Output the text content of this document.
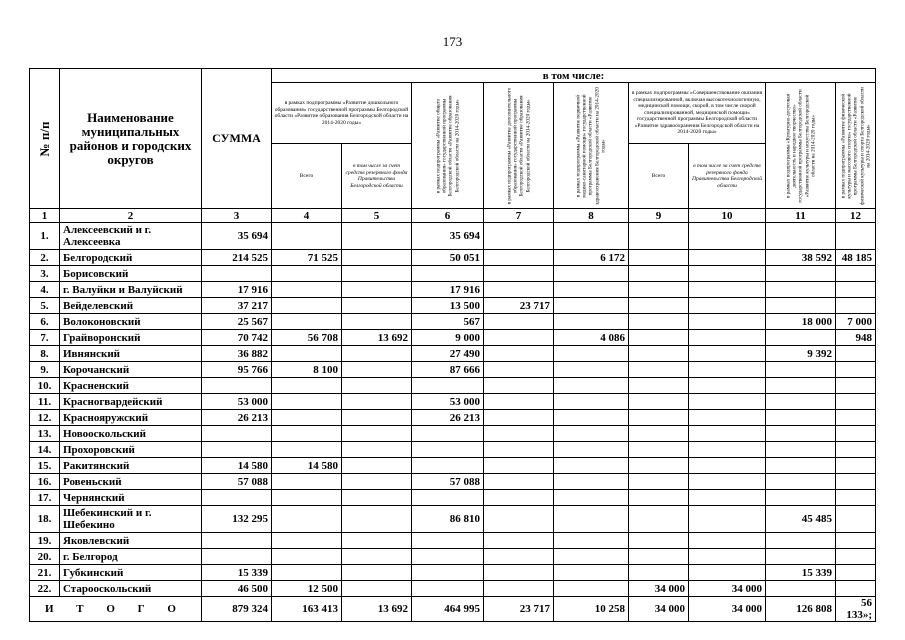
173
№ п/п	Наименование муниципальных районов и городских округов	СУММА	в том числе:								
			в рамках подпрограммы «Развитие дошкольного образования» государственной программы Белгородской области «Развитие образования Белгородской области на 2014-2020 годы»		в рамках подпрограммы «Развитие общего образования» государственной программы Белгородской области «Развитие образования Белгородской области на 2014-2020 годы»	в рамках подпрограммы «Развитие дополнительного образования» государственной программы Белгородской области «Развитие образования Белгородской области на 2014-2020 годы»	в рамках подпрограммы «Развитие первичной медико-санитарной помощи» государственной программы Белгородской области «Развитие здравоохранения Белгородской области на 2014-2020 годы»	в рамках подпрограммы «Совершенствование оказания специализированной, включая высокотехнологичную, медицинской помощи, скорой, в том числе скорой специализированной, медицинской помощи» государственной программы Белгородской области «Развитие здравоохранения Белгородской области на 2014-2020 годы»		в рамках подпрограммы «Культурно-досуговая деятельность и народное творчество» государственной программы Белгородской области «Развитие культуры и искусства Белгородской области на 2014-2020 годы»	в рамках подпрограммы «Развитие физической культуры и массового спорта» государственной программы Белгородской области «Развитие физической культуры и спорта Белгородской области на 2014-2020 годы»

			Всего	в том числе за счет средств резервного фонда Правительства Белгородской области				Всего	в том числе за счет средств резервного фонда Правительства Белгородской области		
1	2	3	4	5	6	7	8	9	10	11	12
1.	Алексеевский и г. Алексеевка	35 694			35 694						
2.	Белгородский	214 525	71 525		50 051		6 172			38 592	48 185
3.	Борисовский										
4.	г. Валуйки и Валуйский	17 916			17 916						
5.	Вейделевский	37 217			13 500	23 717					
6.	Волоконовский	25 567			567					18 000	7 000
7.	Грайворонский	70 742	56 708	13 692	9 000		4 086				948
8.	Ивнянский	36 882			27 490					9 392	
9.	Корочанский	95 766	8 100		87 666						
10.	Красненский										
11.	Красногвардейский	53 000			53 000						
12.	Краснояружский	26 213			26 213						
13.	Новооскольский										
14.	Прохоровский										
15.	Ракитянский	14 580	14 580								
16.	Ровеньский	57 088			57 088						
17.	Чернянский										
18.	Шебекинский и г. Шебекино	132 295			86 810					45 485	
19.	Яковлевский										
20.	г. Белгород										
21.	Губкинский	15 339								15 339	
22.	Старооскольский	46 500	12 500					34 000	34 000		
И Т О Г О		879 324	163 413	13 692	464 995	23 717	10 258	34 000	34 000	126 808	56 133»;
